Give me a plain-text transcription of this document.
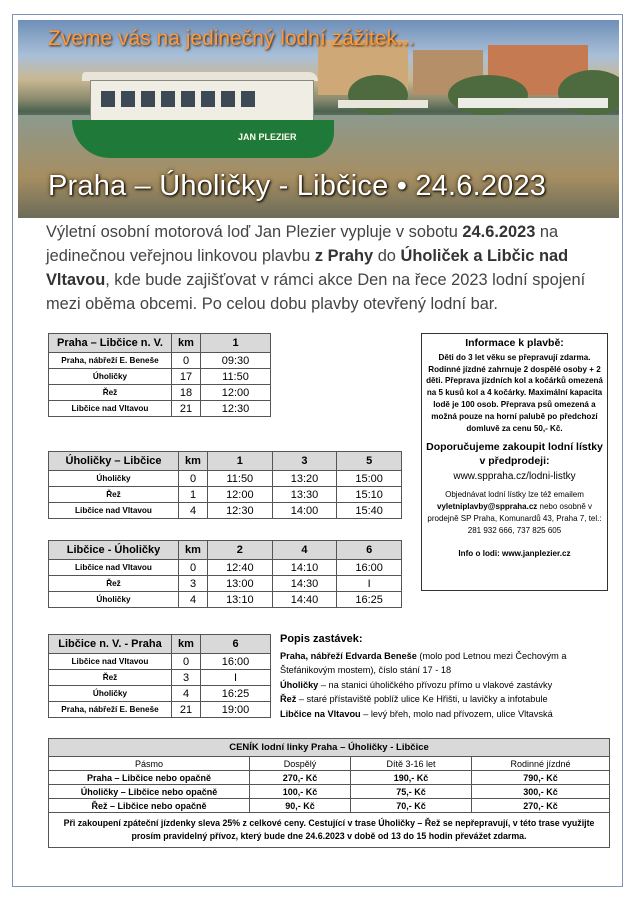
JAN PLEZIER
Zveme vás na jedinečný lodní zážitek...
Praha – Úholičky - Libčice • 24.6.2023
Výletní osobní motorová loď Jan Plezier vypluje v sobotu 24.6.2023 na jedinečnou veřejnou linkovou plavbu z Prahy do Úholiček a Libčic nad Vltavou, kde bude zajišťovat v rámci akce Den na řece 2023 lodní spojení mezi oběma obcemi. Po celou dobu plavby otevřený lodní bar.
Praha – Libčice n. V.	km	1
Praha, nábřeží E. Beneše	0	09:30
Úholičky	17	11:50
Řež	18	12:00
Libčice nad Vltavou	21	12:30
Úholičky – Libčice	km	1	3	5
Úholičky	0	11:50	13:20	15:00
Řež	1	12:00	13:30	15:10
Libčice nad Vltavou	4	12:30	14:00	15:40
Libčice - Úholičky	km	2	4	6
Libčice nad Vltavou	0	12:40	14:10	16:00
Řež	3	13:00	14:30	I
Úholičky	4	13:10	14:40	16:25
Libčice n. V. - Praha	km	6
Libčice nad Vltavou	0	16:00
Řež	3	I
Úholičky	4	16:25
Praha, nábřeží E. Beneše	21	19:00
Informace k plavbě:
Děti do 3 let věku se přepravují zdarma. Rodinné jízdné zahrnuje 2 dospělé osoby + 2 děti. Přeprava jízdních kol a kočárků omezená na 5 kusů kol a 4 kočárky. Maximální kapacita lodě je 100 osob. Přeprava psů omezená a možná pouze na horní palubě po předchozí domluvě za cenu 50,- Kč.
Doporučujeme zakoupit lodní lístky v předprodeji:
www.sppraha.cz/lodni-listky
Objednávat lodní lístky lze též emailem vyletniplavby@sppraha.cz nebo osobně v prodejně SP Praha, Komunardů 43, Praha 7, tel.: 281 932 666, 737 825 605
Info o lodi: www.janplezier.cz
Popis zastávek:
Praha, nábřeží Edvarda Beneše (molo pod Letnou mezi Čechovým a Štefánikovým mostem), číslo stání 17 - 18
Úholičky – na stanici úholičkého přívozu přímo u vlakové zastávky
Řež – staré přístaviště poblíž ulice Ke Hřišti, u lavičky a infotabule
Libčice na Vltavou – levý břeh, molo nad přívozem, ulice Vltavská
CENÍK lodní linky Praha – Úholičky - Libčice			
Pásmo	Dospělý	Dítě 3-16 let	Rodinné jízdné
Praha – Libčice nebo opačně	270,- Kč	190,- Kč	790,- Kč
Úholičky – Libčice nebo opačně	100,- Kč	75,- Kč	300,- Kč
Řež – Libčice nebo opačně	90,- Kč	70,- Kč	270,- Kč
Při zakoupení zpáteční jízdenky sleva 25% z celkové ceny. Cestující v trase Úholičky – Řež se nepřepravují, v této trase využijte prosím pravidelný přívoz, který bude dne 24.6.2023 v době od 13 do 15 hodin převážet zdarma.			
